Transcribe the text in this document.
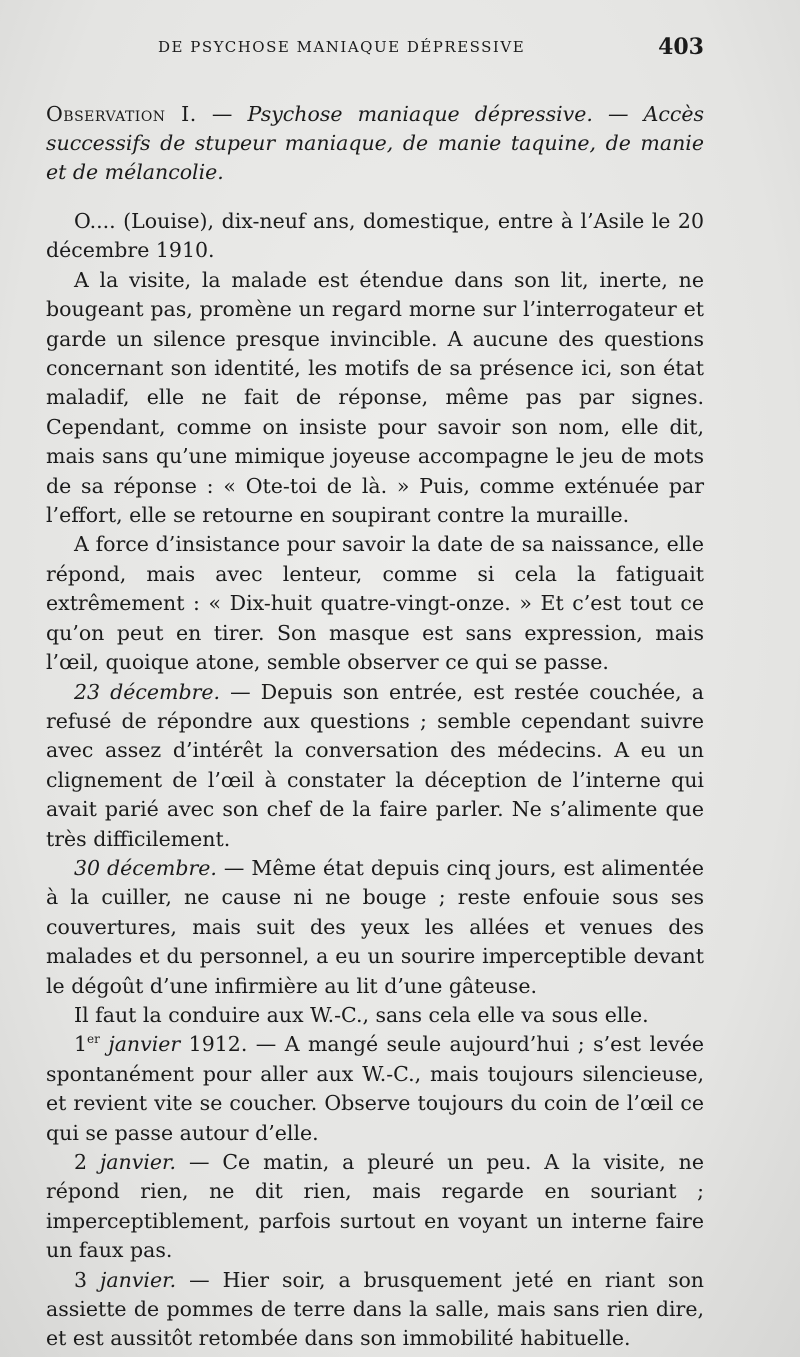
DE PSYCHOSE MANIAQUE DÉPRESSIVE	403

Observation I. — Psychose maniaque dépressive. — Accès successifs de stupeur maniaque, de manie taquine, de manie et de mélancolie.

O.... (Louise), dix-neuf ans, domestique, entre à l’Asile le 20 décembre 1910.

A la visite, la malade est étendue dans son lit, inerte, ne bougeant pas, promène un regard morne sur l’interrogateur et garde un silence presque invincible. A aucune des questions concernant son identité, les motifs de sa présence ici, son état maladif, elle ne fait de réponse, même pas par signes. Cependant, comme on insiste pour savoir son nom, elle dit, mais sans qu’une mimique joyeuse accompagne le jeu de mots de sa réponse : « Ote-toi de là. » Puis, comme exténuée par l’effort, elle se retourne en soupirant contre la muraille.

A force d’insistance pour savoir la date de sa naissance, elle répond, mais avec lenteur, comme si cela la fatiguait extrêmement : « Dix-huit quatre-vingt-onze. » Et c’est tout ce qu’on peut en tirer. Son masque est sans expression, mais l’œil, quoique atone, semble observer ce qui se passe.

23 décembre. — Depuis son entrée, est restée couchée, a refusé de répondre aux questions ; semble cependant suivre avec assez d’intérêt la conversation des médecins. A eu un clignement de l’œil à constater la déception de l’interne qui avait parié avec son chef de la faire parler. Ne s’alimente que très difficilement.

30 décembre. — Même état depuis cinq jours, est alimentée à la cuiller, ne cause ni ne bouge ; reste enfouie sous ses couvertures, mais suit des yeux les allées et venues des malades et du personnel, a eu un sourire imperceptible devant le dégoût d’une infirmière au lit d’une gâteuse.

Il faut la conduire aux W.-C., sans cela elle va sous elle.

1er janvier 1912. — A mangé seule aujourd’hui ; s’est levée spontanément pour aller aux W.-C., mais toujours silencieuse, et revient vite se coucher. Observe toujours du coin de l’œil ce qui se passe autour d’elle.

2 janvier. — Ce matin, a pleuré un peu. A la visite, ne répond rien, ne dit rien, mais regarde en souriant ; imperceptiblement, parfois surtout en voyant un interne faire un faux pas.

3 janvier. — Hier soir, a brusquement jeté en riant son assiette de pommes de terre dans la salle, mais sans rien dire, et est aussitôt retombée dans son immobilité habituelle.
